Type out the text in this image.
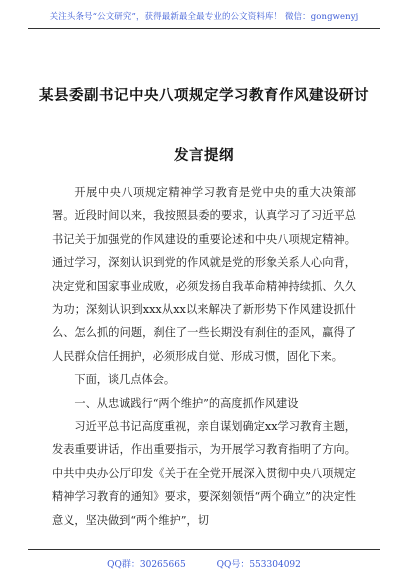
关注头条号“公文研究”，获得最新最全最专业的公文资料库！ 微信：gongwenyj
某县委副书记中央八项规定学习教育作风建设研讨发言提纲

开展中央八项规定精神学习教育是党中央的重大决策部署。近段时间以来，我按照县委的要求，认真学习了习近平总书记关于加强党的作风建设的重要论述和中央八项规定精神。通过学习，深刻认识到党的作风就是党的形象关系人心向背，决定党和国家事业成败，必须发扬自我革命精神持续抓、久久为功；深刻认识到xxx从xx以来解决了新形势下作风建设抓什么、怎么抓的问题，刹住了一些长期没有刹住的歪风，赢得了人民群众信任拥护，必须形成自觉、形成习惯，固化下来。

下面，谈几点体会。

一、从忠诚践行“两个维护”的高度抓作风建设

习近平总书记高度重视，亲自谋划确定xx学习教育主题，发表重要讲话，作出重要指示，为开展学习教育指明了方向。中共中央办公厅印发《关于在全党开展深入贯彻中央八项规定精神学习教育的通知》要求，要深刻领悟“两个确立”的决定性意义，坚决做到“两个维护”，切

QQ群：30265665	QQ号：553304092
